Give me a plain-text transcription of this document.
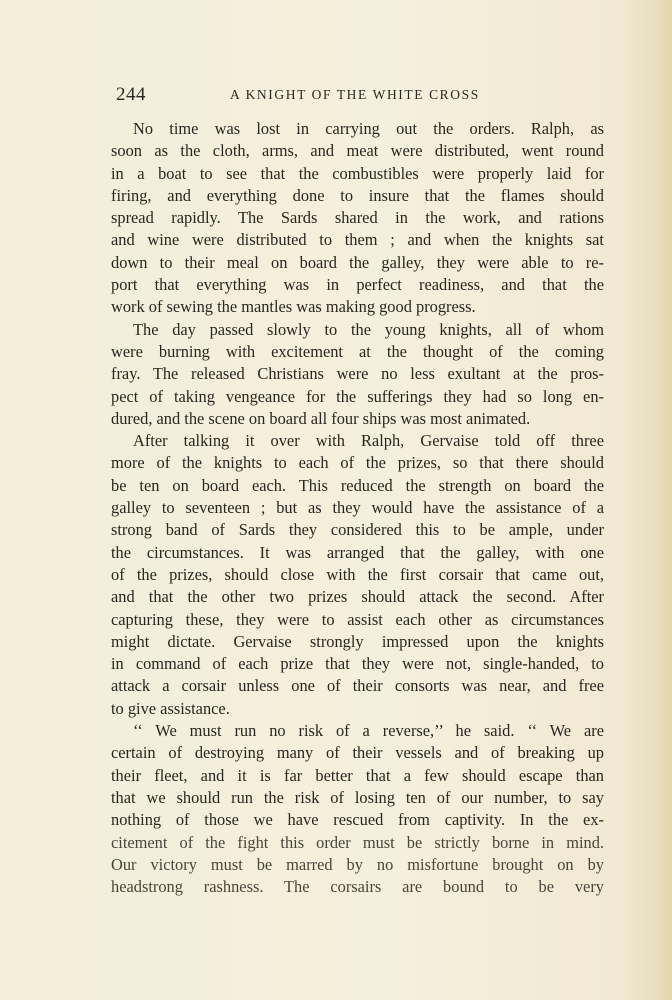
244	A KNIGHT OF THE WHITE CROSS
No time was lost in carrying out the orders. Ralph, as
soon as the cloth, arms, and meat were distributed, went round
in a boat to see that the combustibles were properly laid for
firing, and everything done to insure that the flames should
spread rapidly. The Sards shared in the work, and rations
and wine were distributed to them ; and when the knights sat
down to their meal on board the galley, they were able to re-
port that everything was in perfect readiness, and that the
work of sewing the mantles was making good progress.
The day passed slowly to the young knights, all of whom
were burning with excitement at the thought of the coming
fray. The released Christians were no less exultant at the pros-
pect of taking vengeance for the sufferings they had so long en-
dured, and the scene on board all four ships was most animated.
After talking it over with Ralph, Gervaise told off three
more of the knights to each of the prizes, so that there should
be ten on board each. This reduced the strength on board the
galley to seventeen ; but as they would have the assistance of a
strong band of Sards they considered this to be ample, under
the circumstances. It was arranged that the galley, with one
of the prizes, should close with the first corsair that came out,
and that the other two prizes should attack the second. After
capturing these, they were to assist each other as circumstances
might dictate. Gervaise strongly impressed upon the knights
in command of each prize that they were not, single-handed, to
attack a corsair unless one of their consorts was near, and free
to give assistance.
‘‘ We must run no risk of a reverse,’’ he said. ‘‘ We are
certain of destroying many of their vessels and of breaking up
their fleet, and it is far better that a few should escape than
that we should run the risk of losing ten of our number, to say
nothing of those we have rescued from captivity. In the ex-
citement of the fight this order must be strictly borne in mind.
Our victory must be marred by no misfortune brought on by
headstrong rashness. The corsairs are bound to be very
